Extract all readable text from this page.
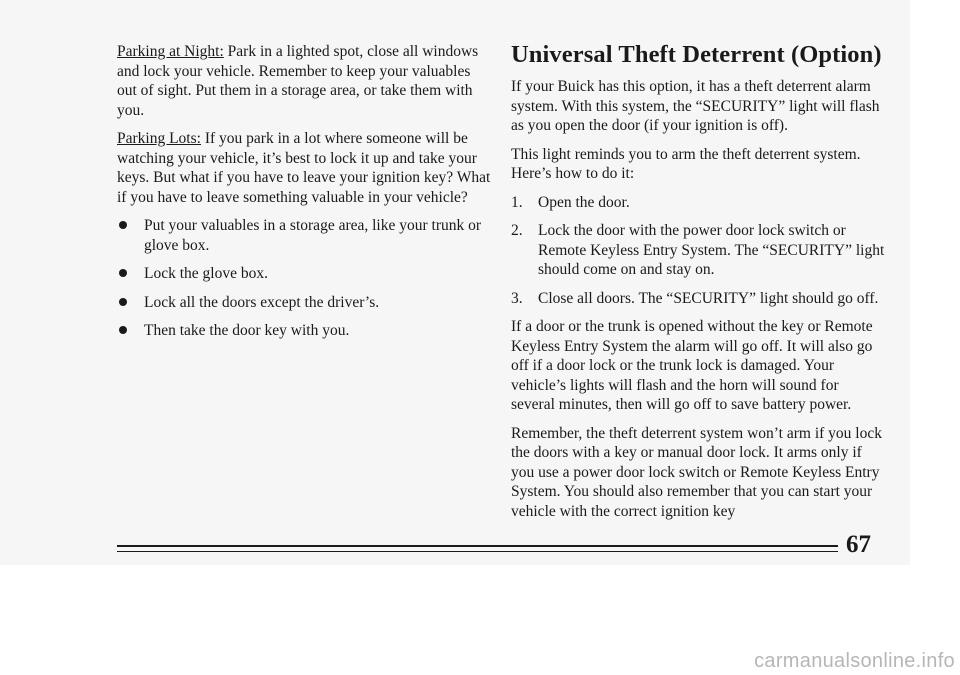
Parking at Night: Park in a lighted spot, close all windows and lock your vehicle. Remember to keep your valuables out of sight. Put them in a storage area, or take them with you.

Parking Lots: If you park in a lot where someone will be watching your vehicle, it’s best to lock it up and take your keys. But what if you have to leave your ignition key? What if you have to leave something valuable in your vehicle?

Put your valuables in a storage area, like your trunk or glove box.
Lock the glove box.
Lock all the doors except the driver’s.
Then take the door key with you.
Universal Theft Deterrent (Option)

If your Buick has this option, it has a theft deterrent alarm system. With this system, the “SECURITY” light will flash as you open the door (if your ignition is off).

This light reminds you to arm the theft deterrent system. Here’s how to do it:

1. Open the door.
2. Lock the door with the power door lock switch or Remote Keyless Entry System. The “SECURITY” light should come on and stay on.
3. Close all doors. The “SECURITY” light should go off.

If a door or the trunk is opened without the key or Remote Keyless Entry System the alarm will go off. It will also go off if a door lock or the trunk lock is damaged. Your vehicle’s lights will flash and the horn will sound for several minutes, then will go off to save battery power.

Remember, the theft deterrent system won’t arm if you lock the doors with a key or manual door lock. It arms only if you use a power door lock switch or Remote Keyless Entry System. You should also remember that you can start your vehicle with the correct ignition key

67
carmanualsonline.info
